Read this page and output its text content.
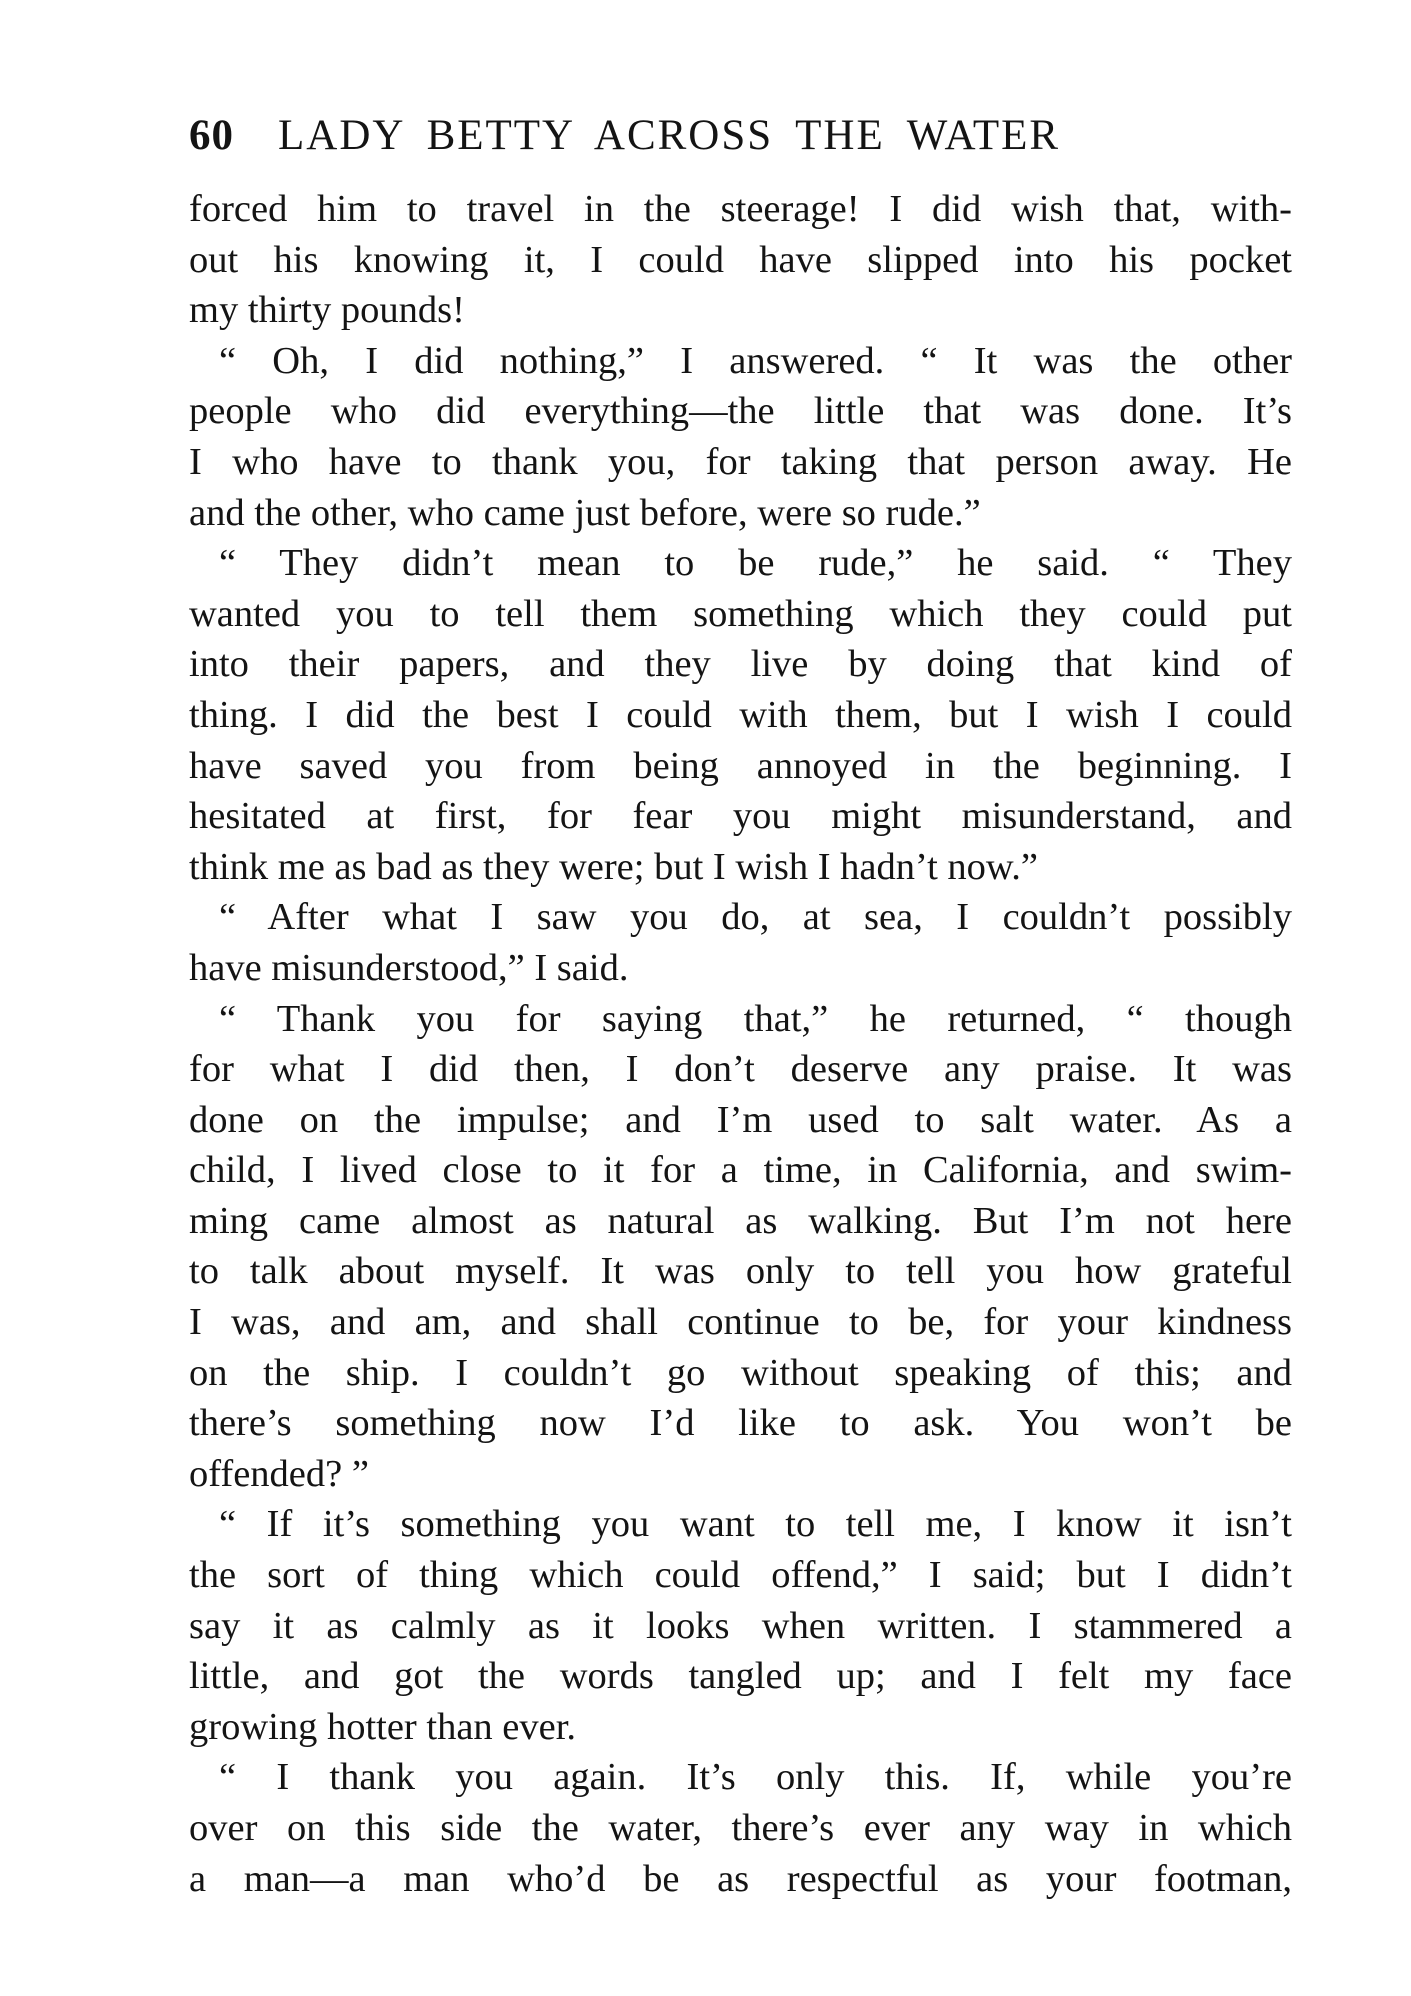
60 LADY BETTY ACROSS THE WATER
forced him to travel in the steerage! I did wish that, with-
out his knowing it, I could have slipped into his pocket
my thirty pounds!
“ Oh, I did nothing,” I answered. “ It was the other
people who did everything—the little that was done. It’s
I who have to thank you, for taking that person away. He
and the other, who came just before, were so rude.”
“ They didn’t mean to be rude,” he said. “ They
wanted you to tell them something which they could put
into their papers, and they live by doing that kind of
thing. I did the best I could with them, but I wish I could
have saved you from being annoyed in the beginning. I
hesitated at first, for fear you might misunderstand, and
think me as bad as they were; but I wish I hadn’t now.”
“ After what I saw you do, at sea, I couldn’t possibly
have misunderstood,” I said.
“ Thank you for saying that,” he returned, “ though
for what I did then, I don’t deserve any praise. It was
done on the impulse; and I’m used to salt water. As a
child, I lived close to it for a time, in California, and swim-
ming came almost as natural as walking. But I’m not here
to talk about myself. It was only to tell you how grateful
I was, and am, and shall continue to be, for your kindness
on the ship. I couldn’t go without speaking of this; and
there’s something now I’d like to ask. You won’t be
offended? ”
“ If it’s something you want to tell me, I know it isn’t
the sort of thing which could offend,” I said; but I didn’t
say it as calmly as it looks when written. I stammered a
little, and got the words tangled up; and I felt my face
growing hotter than ever.
“ I thank you again. It’s only this. If, while you’re
over on this side the water, there’s ever any way in which
a man—a man who’d be as respectful as your footman,
